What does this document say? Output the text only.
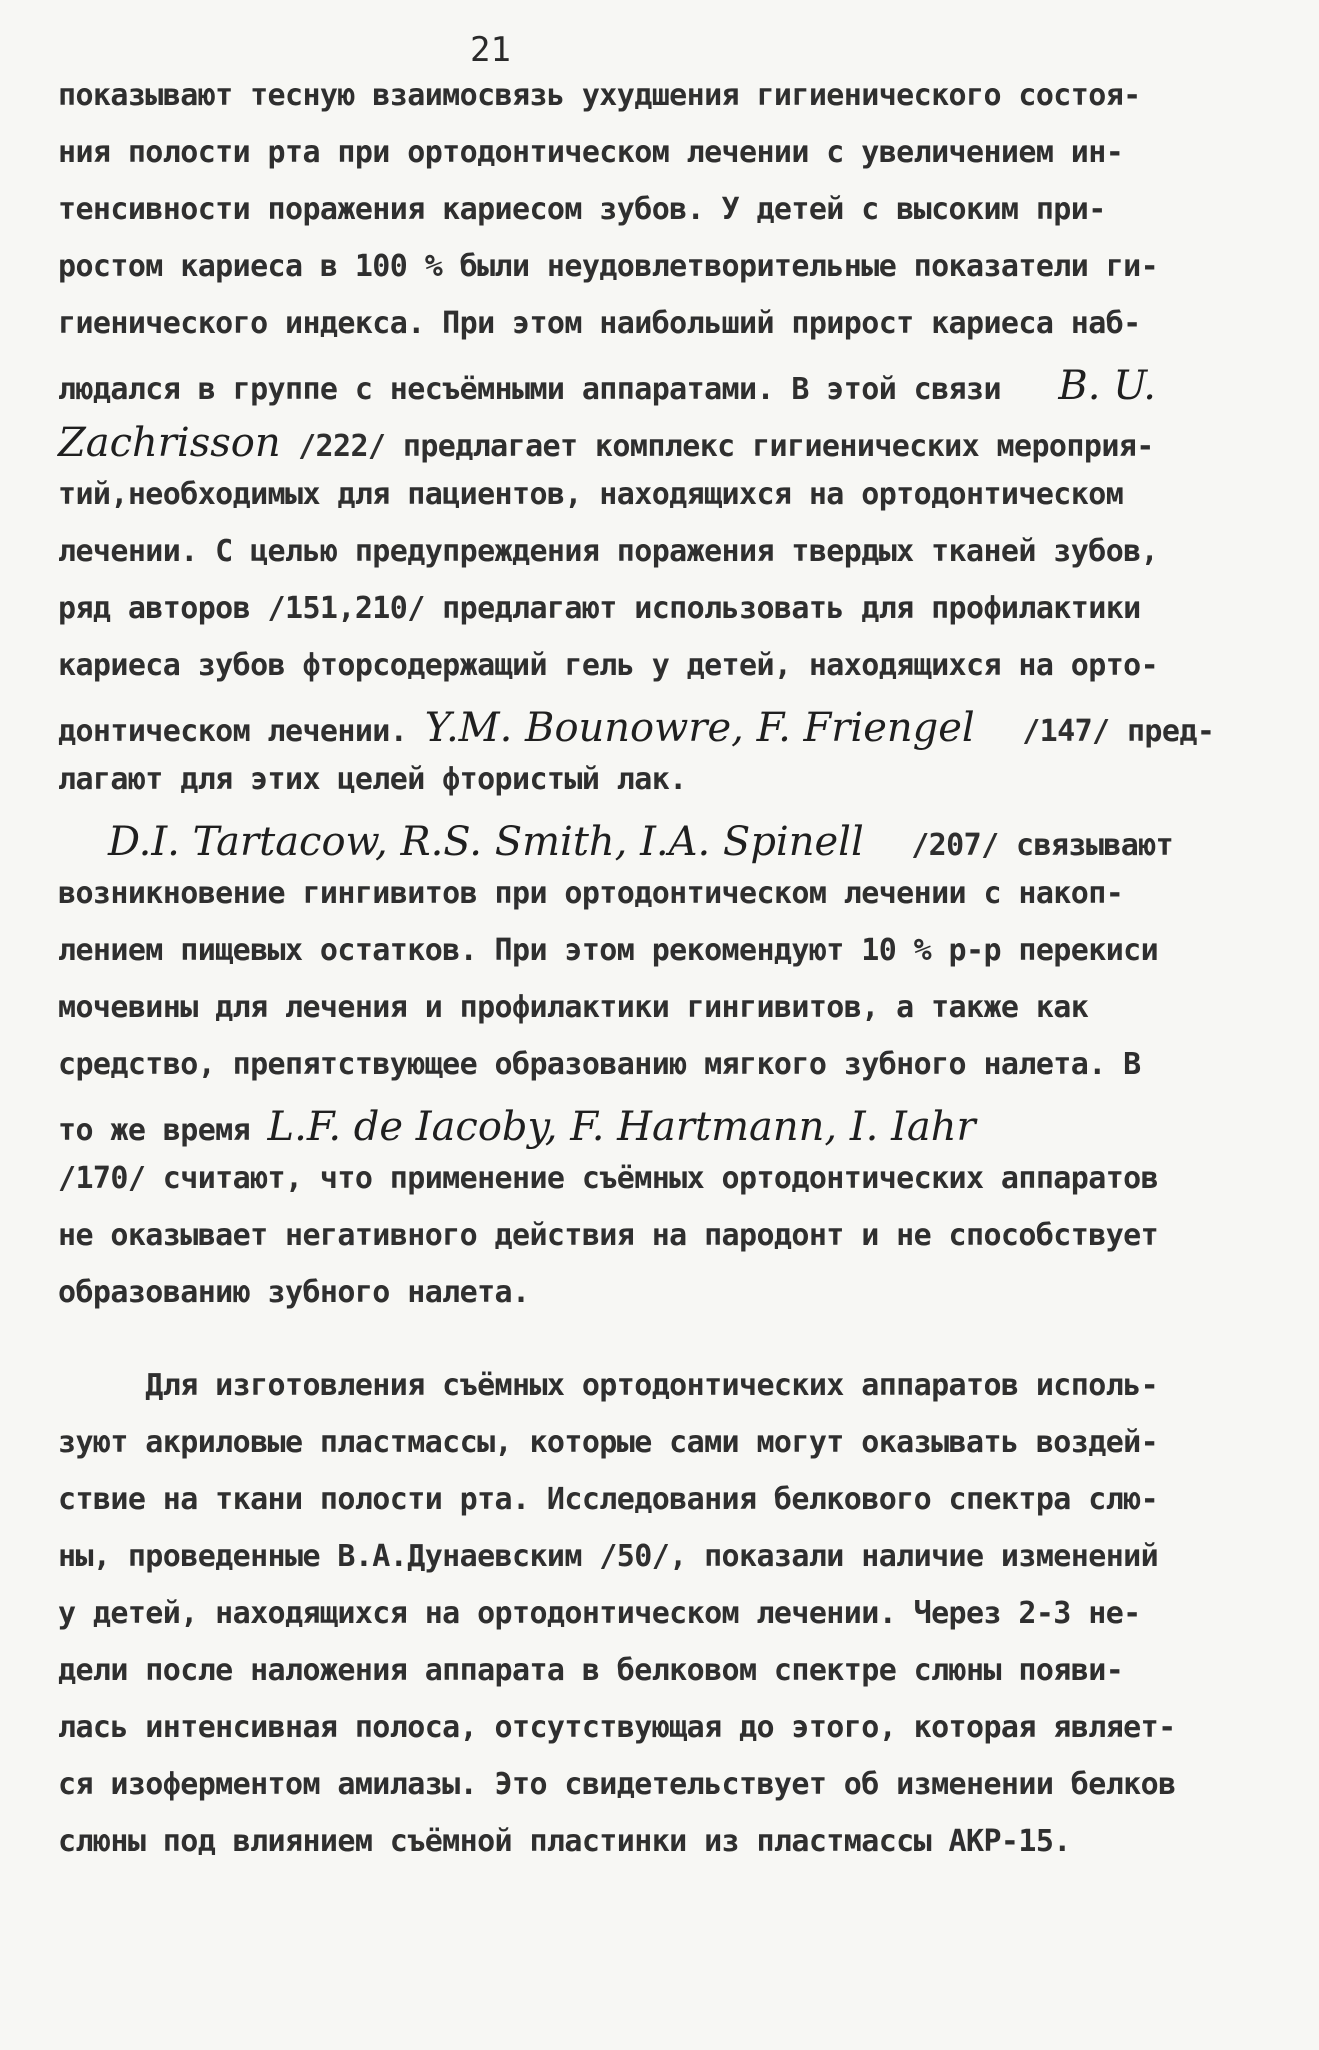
21
показывают тесную взаимосвязь ухудшения гигиенического состоя-
ния полости рта при ортодонтическом лечении с увеличением ин-
тенсивности поражения кариесом зубов. У детей с высоким при-
ростом кариеса в 100 % были неудовлетворительные показатели ги-
гиенического индекса. При этом наибольший прирост кариеса наб-
людался в группе с несъёмными аппаратами. В этой связи B. U.
Zachrisson /222/ предлагает комплекс гигиенических мероприя-
тий,необходимых для пациентов, находящихся на ортодонтическом
лечении. С целью предупреждения поражения твердых тканей зубов,
ряд авторов /151,210/ предлагают использовать для профилактики
кариеса зубов фторсодержащий гель у детей, находящихся на орто-
донтическом лечении. Y.M. Bounowre, F. Friengel /147/ пред-
лагают для этих целей фтористый лак.
D.I. Tartacow, R.S. Smith, I.A. Spinell /207/ связывают
возникновение гингивитов при ортодонтическом лечении с накоп-
лением пищевых остатков. При этом рекомендуют 10 % р-р перекиси
мочевины для лечения и профилактики гингивитов, а также как
средство, препятствующее образованию мягкого зубного налета. В
то же время L.F. de Iacoby, F. Hartmann, I. Iahr
/170/ считают, что применение съёмных ортодонтических аппаратов
не оказывает негативного действия на пародонт и не способствует
образованию зубного налета.
Для изготовления съёмных ортодонтических аппаратов исполь-
зуют акриловые пластмассы, которые сами могут оказывать воздей-
ствие на ткани полости рта. Исследования белкового спектра слю-
ны, проведенные В.А.Дунаевским /50/, показали наличие изменений
у детей, находящихся на ортодонтическом лечении. Через 2-3 не-
дели после наложения аппарата в белковом спектре слюны появи-
лась интенсивная полоса, отсутствующая до этого, которая являет-
ся изоферментом амилазы. Это свидетельствует об изменении белков
слюны под влиянием съёмной пластинки из пластмассы АКР-15.
